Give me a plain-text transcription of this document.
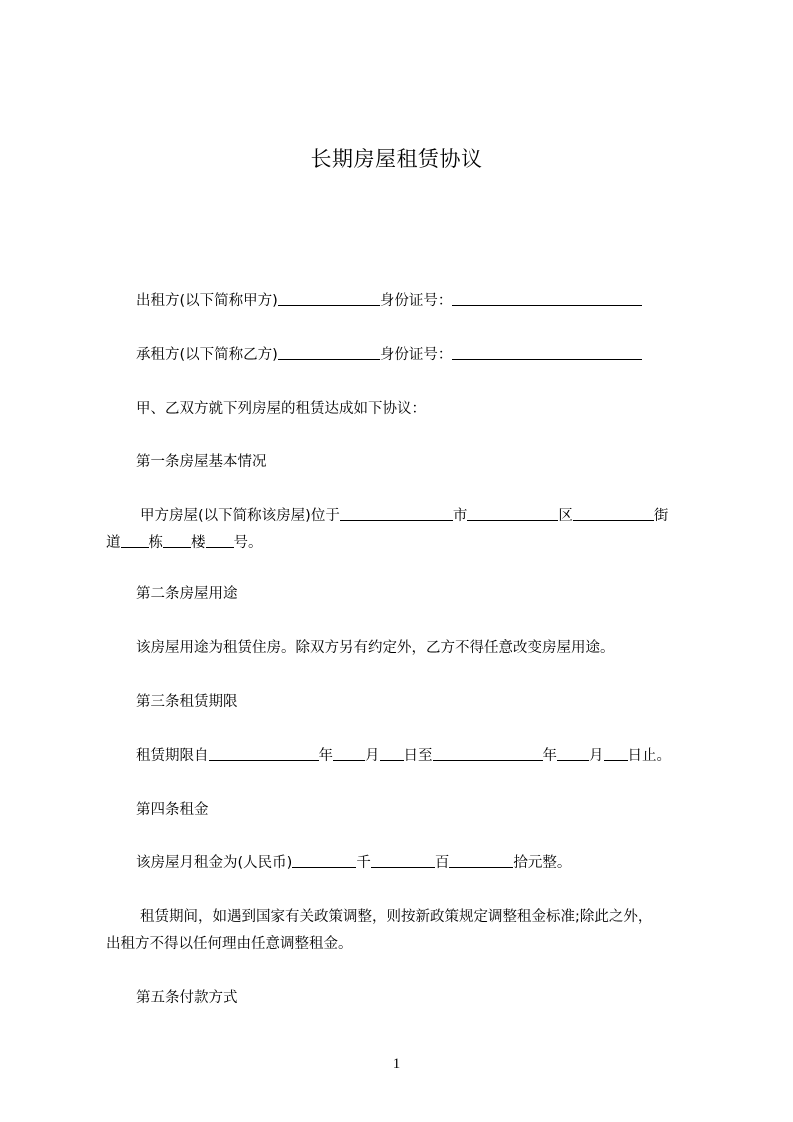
长期房屋租赁协议
出租方(以下简称甲方)	身份证号：
承租方(以下简称乙方)	身份证号：
甲、乙双方就下列房屋的租赁达成如下协议：
第一条房屋基本情况
甲方房屋(以下简称该房屋)位于	市	区	街
道 栋 楼 号。
第二条房屋用途
该房屋用途为租赁住房。除双方另有约定外，乙方不得任意改变房屋用途。
第三条租赁期限
租赁期限自	年 月 日至	年 月 日止。
第四条租金
该房屋月租金为(人民币)	千	百	拾元整。
租赁期间，如遇到国家有关政策调整，则按新政策规定调整租金标准;除此之外，
出租方不得以任何理由任意调整租金。
第五条付款方式
1
